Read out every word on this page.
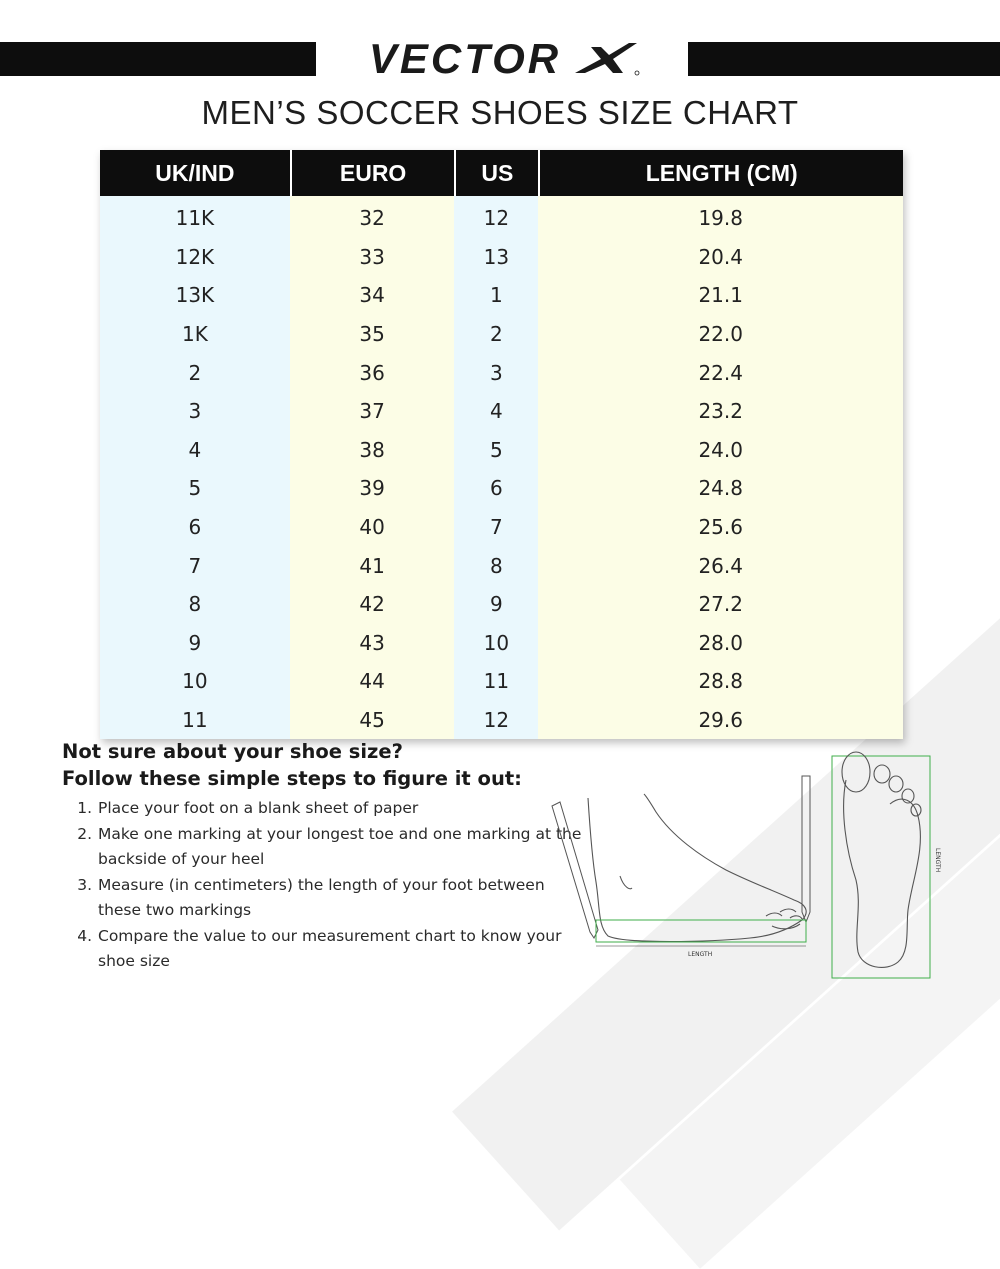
VECTOR
MEN’S SOCCER SHOES SIZE CHART
UK/IND	EURO	US	LENGTH (CM)
11K	32	12	19.8
12K	33	13	20.4
13K	34	1	21.1
1K	35	2	22.0
2	36	3	22.4
3	37	4	23.2
4	38	5	24.0
5	39	6	24.8
6	40	7	25.6
7	41	8	26.4
8	42	9	27.2
9	43	10	28.0
10	44	11	28.8
11	45	12	29.6
Not sure about your shoe size?
Follow these simple steps to figure it out:
1. Place your foot on a blank sheet of paper
2. Make one marking at your longest toe and one marking at the backside of your heel
3. Measure (in centimeters) the length of your foot between these two markings
4. Compare the value to our measurement chart to know your shoe size	LENGTH
LENGTH
